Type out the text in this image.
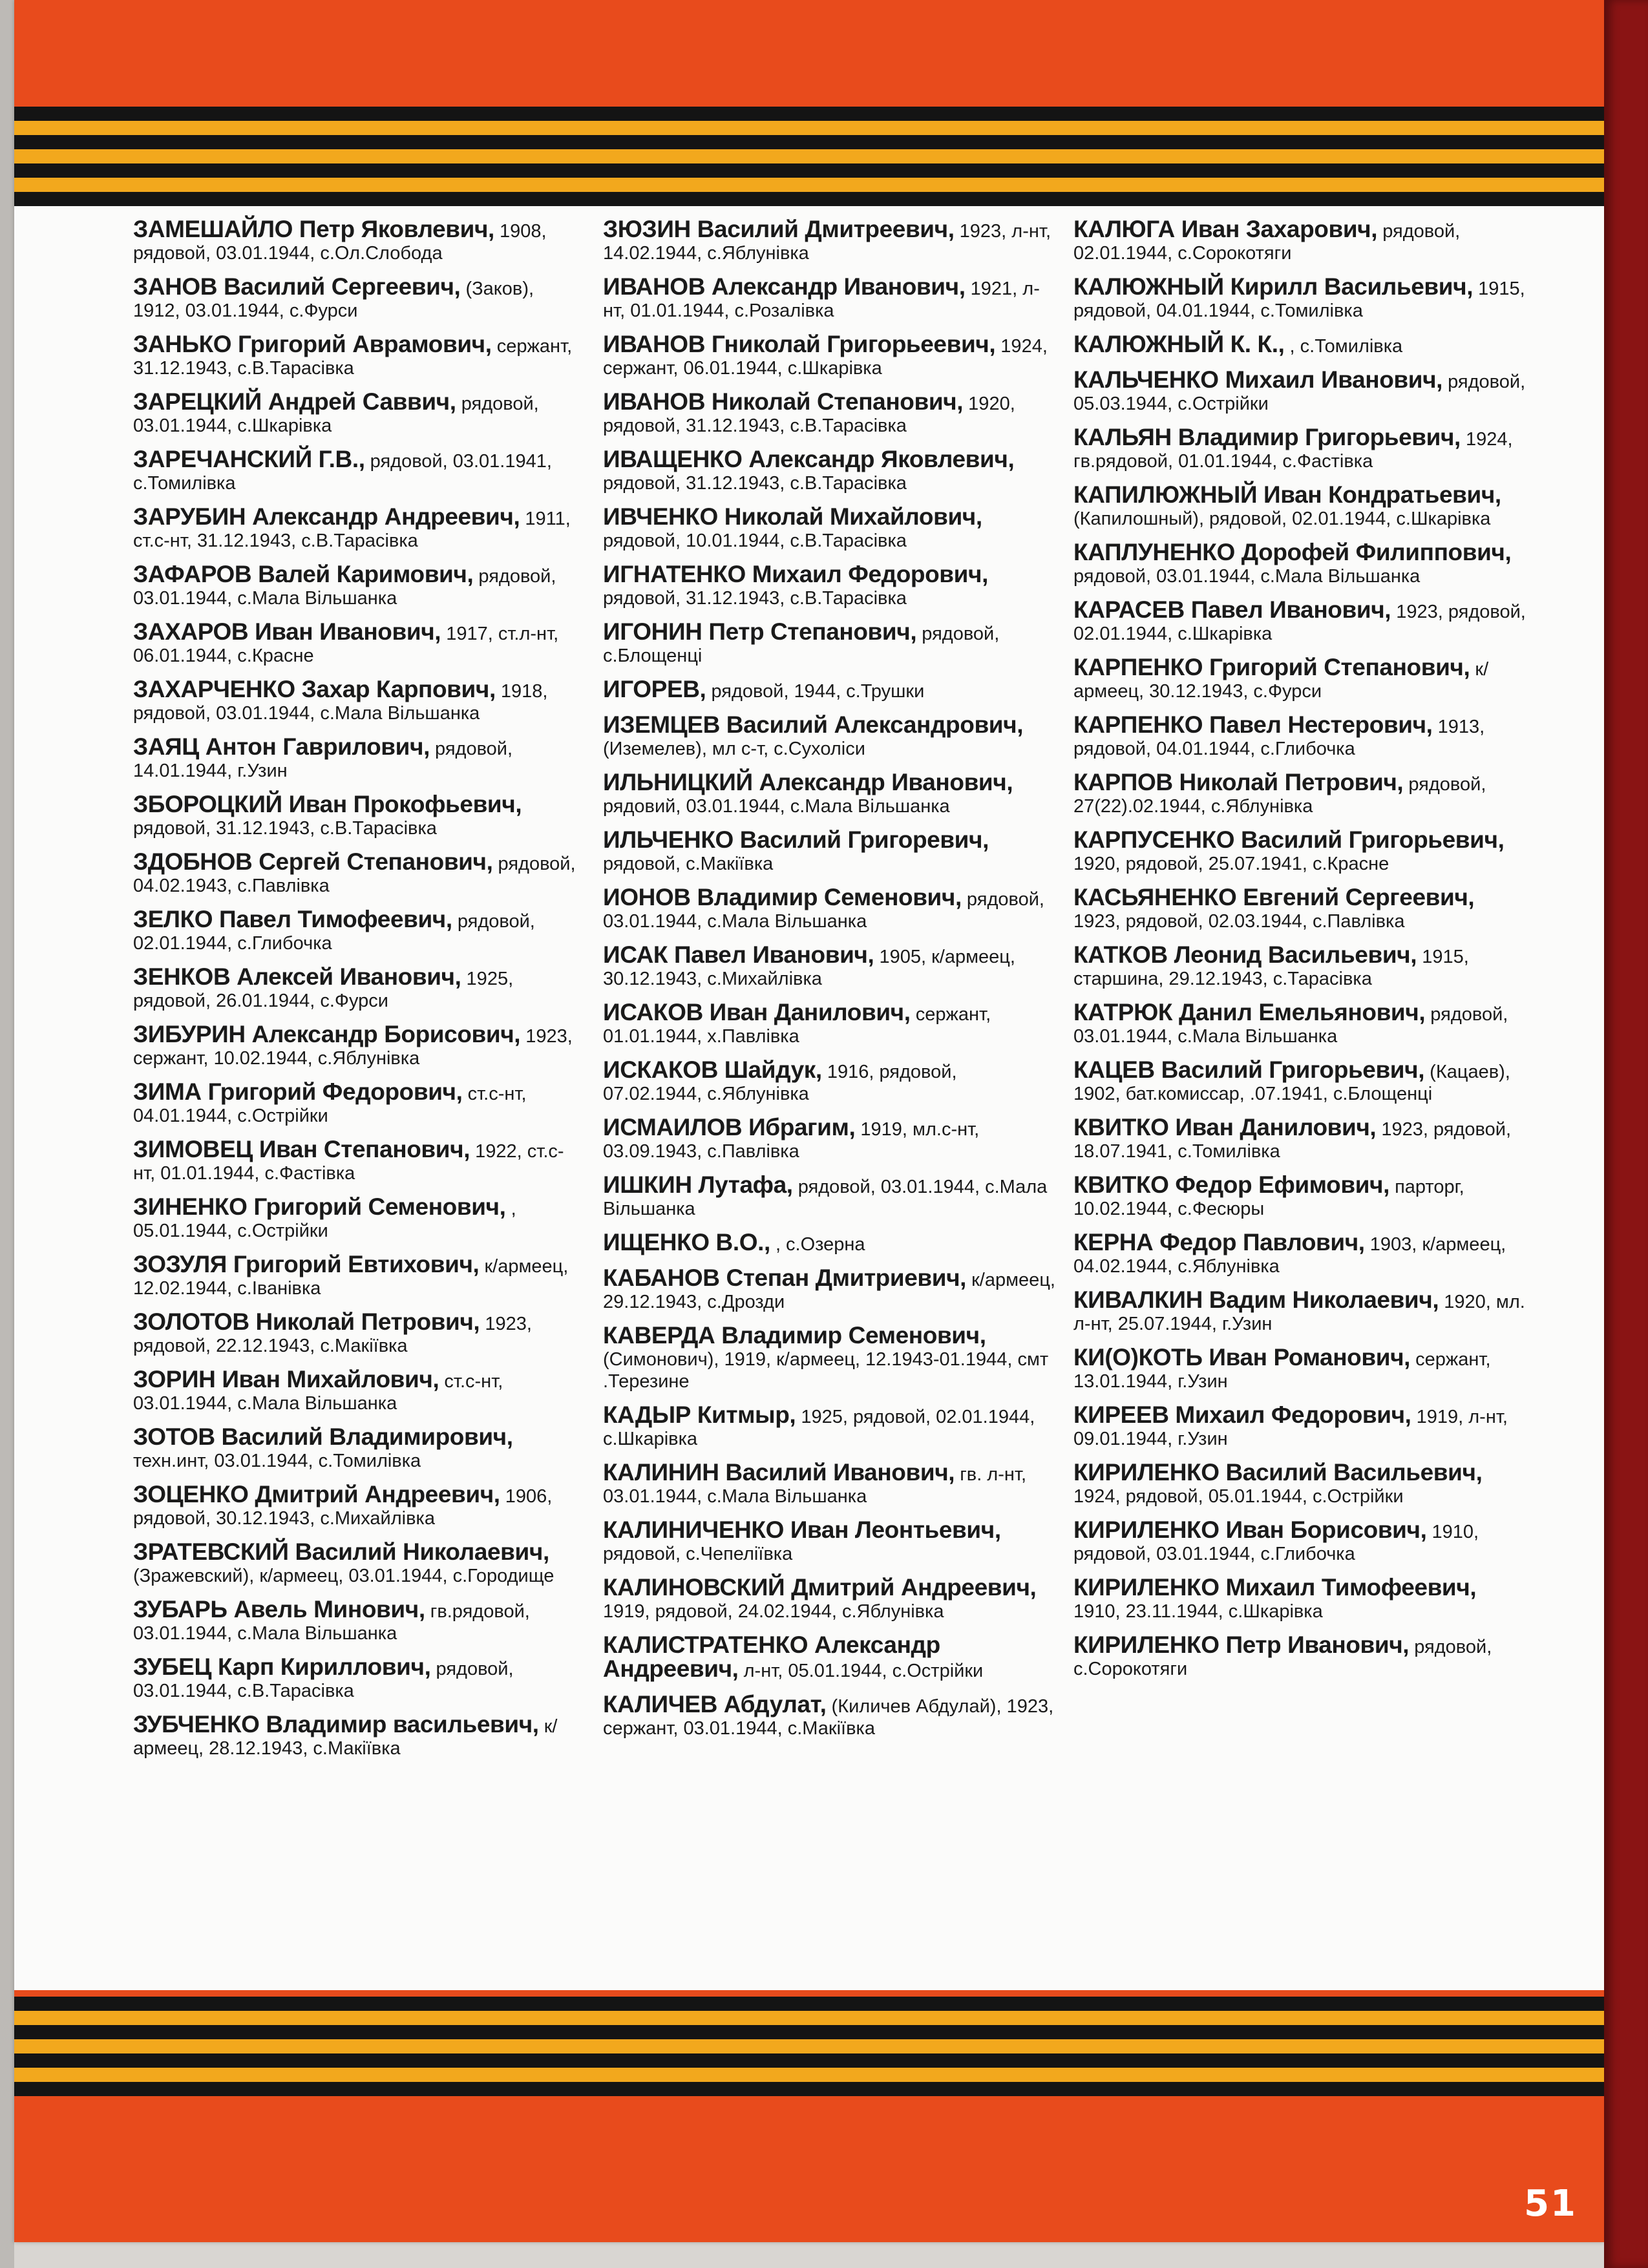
ЗАМЕШАЙЛО Петр Яковлевич, 1908, рядовой, 03.01.1944, с.Ол.Слобода
ЗАНОВ Василий Сергеевич, (Заков), 1912, 03.01.1944, с.Фурси
ЗАНЬКО Григорий Аврамович, сержант, 31.12.1943, с.В.Тарасівка
ЗАРЕЦКИЙ Андрей Саввич, рядовой, 03.01.1944, с.Шкарівка
ЗАРЕЧАНСКИЙ Г.В., рядовой, 03.01.1941, с.Томилівка
ЗАРУБИН Александр Андреевич, 1911, ст.с-нт, 31.12.1943, с.В.Тарасівка
ЗАФАРОВ Валей Каримович, рядовой, 03.01.1944, с.Мала Вільшанка
ЗАХАРОВ Иван Иванович, 1917, ст.л-нт, 06.01.1944, с.Красне
ЗАХАРЧЕНКО Захар Карпович, 1918, рядовой, 03.01.1944, с.Мала Вільшанка
ЗАЯЦ Антон Гаврилович, рядовой, 14.01.1944, г.Узин
ЗБОРОЦКИЙ Иван Прокофьевич, рядовой, 31.12.1943, с.В.Тарасівка
ЗДОБНОВ Сергей Степанович, рядовой, 04.02.1943, с.Павлівка
ЗЕЛКО Павел Тимофеевич, рядовой, 02.01.1944, с.Глибочка
ЗЕНКОВ Алексей Иванович, 1925, рядовой, 26.01.1944, с.Фурси
ЗИБУРИН Александр Борисович, 1923, сержант, 10.02.1944, с.Яблунівка
ЗИМА Григорий Федорович, ст.с-нт, 04.01.1944, с.Острійки
ЗИМОВЕЦ Иван Степанович, 1922, ст.с-нт, 01.01.1944, с.Фастівка
ЗИНЕНКО Григорий Семенович, , 05.01.1944, с.Острійки
ЗОЗУЛЯ Григорий Евтихович, к/армеец, 12.02.1944, с.Іванівка
ЗОЛОТОВ Николай Петрович, 1923, рядовой, 22.12.1943, с.Макіївка
ЗОРИН Иван Михайлович, ст.с-нт, 03.01.1944, с.Мала Вільшанка
ЗОТОВ Василий Владимирович, техн.инт, 03.01.1944, с.Томилівка
ЗОЦЕНКО Дмитрий Андреевич, 1906, рядовой, 30.12.1943, с.Михайлівка
ЗРАТЕВСКИЙ Василий Николаевич, (Зражевский), к/армеец, 03.01.1944, с.Городище
ЗУБАРЬ Авель Минович, гв.рядовой, 03.01.1944, с.Мала Вільшанка
ЗУБЕЦ Карп Кириллович, рядовой, 03.01.1944, с.В.Тарасівка
ЗУБЧЕНКО Владимир васильевич, к/армеец, 28.12.1943, с.Макіївка
ЗЮЗИН Василий Дмитреевич, 1923, л-нт, 14.02.1944, с.Яблунівка
ИВАНОВ Александр Иванович, 1921, л-нт, 01.01.1944, с.Розалівка
ИВАНОВ Гниколай Григорьеевич, 1924, сержант, 06.01.1944, с.Шкарівка
ИВАНОВ Николай Степанович, 1920, рядовой, 31.12.1943, с.В.Тарасівка
ИВАЩЕНКО Александр Яковлевич, рядовой, 31.12.1943, с.В.Тарасівка
ИВЧЕНКО Николай Михайлович, рядовой, 10.01.1944, с.В.Тарасівка
ИГНАТЕНКО Михаил Федорович, рядовой, 31.12.1943, с.В.Тарасівка
ИГОНИН Петр Степанович, рядовой, с.Блощенці
ИГОРЕВ, рядовой, 1944, с.Трушки
ИЗЕМЦЕВ Василий Александрович, (Иземелев), мл с-т, с.Сухоліси
ИЛЬНИЦКИЙ Александр Иванович, рядовий, 03.01.1944, с.Мала Вільшанка
ИЛЬЧЕНКО Василий Григоревич, рядовой, с.Макіївка
ИОНОВ Владимир Семенович, рядовой, 03.01.1944, с.Мала Вільшанка
ИСАК Павел Иванович, 1905, к/армеец, 30.12.1943, с.Михайлівка
ИСАКОВ Иван Данилович, сержант, 01.01.1944, х.Павлівка
ИСКАКОВ Шайдук, 1916, рядовой, 07.02.1944, с.Яблунівка
ИСМАИЛОВ Ибрагим, 1919, мл.с-нт, 03.09.1943, с.Павлівка
ИШКИН Лутафа, рядовой, 03.01.1944, с.Мала Вільшанка
ИЩЕНКО В.О., , с.Озерна
КАБАНОВ Степан Дмитриевич, к/армеец, 29.12.1943, с.Дрозди
КАВЕРДА Владимир Семенович, (Симонович), 1919, к/армеец, 12.1943-01.1944, смт .Терезине
КАДЫР Китмыр, 1925, рядовой, 02.01.1944, с.Шкарівка
КАЛИНИН Василий Иванович, гв. л-нт, 03.01.1944, с.Мала Вільшанка
КАЛИНИЧЕНКО Иван Леонтьевич, рядовой, с.Чепеліївка
КАЛИНОВСКИЙ Дмитрий Андреевич, 1919, рядовой, 24.02.1944, с.Яблунівка
КАЛИСТРАТЕНКО Александр Андреевич, л-нт, 05.01.1944, с.Острійки
КАЛИЧЕВ Абдулат, (Киличев Абдулай), 1923, сержант, 03.01.1944, с.Макіївка
КАЛЮГА Иван Захарович, рядовой, 02.01.1944, с.Сорокотяги
КАЛЮЖНЫЙ Кирилл Васильевич, 1915, рядовой, 04.01.1944, с.Томилівка
КАЛЮЖНЫЙ К. К., , с.Томилівка
КАЛЬЧЕНКО Михаил Иванович, рядовой, 05.03.1944, с.Острійки
КАЛЬЯН Владимир Григорьевич, 1924, гв.рядовой, 01.01.1944, с.Фастівка
КАПИЛЮЖНЫЙ Иван Кондратьевич, (Капилошный), рядовой, 02.01.1944, с.Шкарівка
КАПЛУНЕНКО Дорофей Филиппович, рядовой, 03.01.1944, с.Мала Вільшанка
КАРАСЕВ Павел Иванович, 1923, рядовой, 02.01.1944, с.Шкарівка
КАРПЕНКО Григорий Степанович, к/армеец, 30.12.1943, с.Фурси
КАРПЕНКО Павел Нестерович, 1913, рядовой, 04.01.1944, с.Глибочка
КАРПОВ Николай Петрович, рядовой, 27(22).02.1944, с.Яблунівка
КАРПУСЕНКО Василий Григорьевич, 1920, рядовой, 25.07.1941, с.Красне
КАСЬЯНЕНКО Евгений Сергеевич, 1923, рядовой, 02.03.1944, с.Павлівка
КАТКОВ Леонид Васильевич, 1915, старшина, 29.12.1943, с.Тарасівка
КАТРЮК Данил Емельянович, рядовой, 03.01.1944, с.Мала Вільшанка
КАЦЕВ Василий Григорьевич, (Кацаев), 1902, бат.комиссар, .07.1941, с.Блощенці
КВИТКО Иван Данилович, 1923, рядовой, 18.07.1941, с.Томилівка
КВИТКО Федор Ефимович, парторг, 10.02.1944, с.Фесюры
КЕРНА Федор Павлович, 1903, к/армеец, 04.02.1944, с.Яблунівка
КИВАЛКИН Вадим Николаевич, 1920, мл. л-нт, 25.07.1944, г.Узин
КИ(О)КОТЬ Иван Романович, сержант, 13.01.1944, г.Узин
КИРЕЕВ Михаил Федорович, 1919, л-нт, 09.01.1944, г.Узин
КИРИЛЕНКО Василий Васильевич, 1924, рядовой, 05.01.1944, с.Острійки
КИРИЛЕНКО Иван Борисович, 1910, рядовой, 03.01.1944, с.Глибочка
КИРИЛЕНКО Михаил Тимофеевич, 1910, 23.11.1944, с.Шкарівка
КИРИЛЕНКО Петр Иванович, рядовой, с.Сорокотяги
51
